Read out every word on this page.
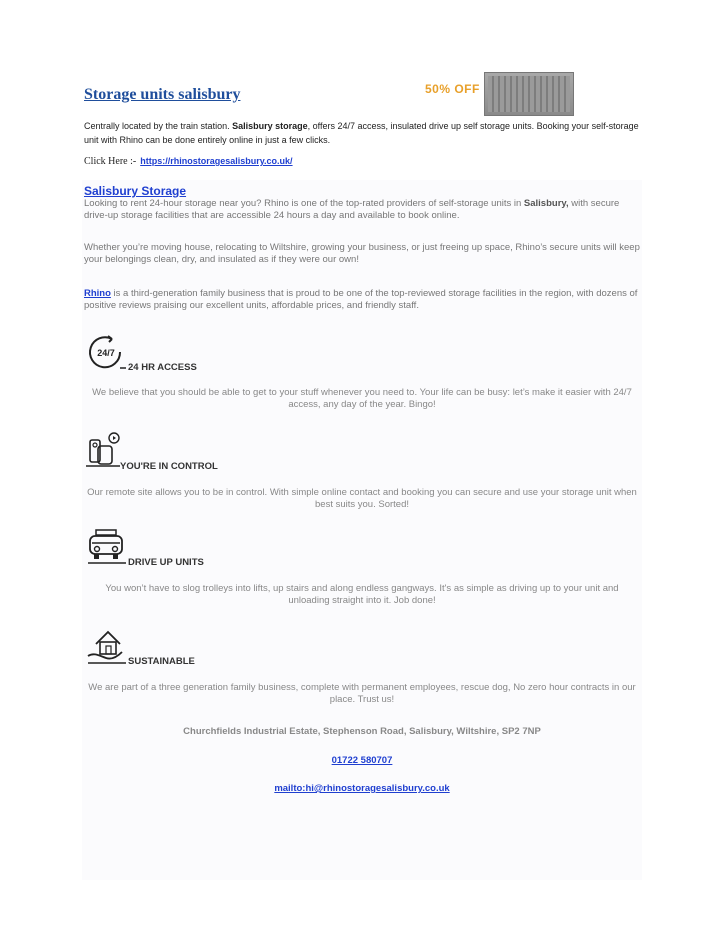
Storage units salisbury	50% OFF
Centrally located by the train station. Salisbury storage, offers 24/7 access, insulated drive up self storage units. Booking your self-storage unit with Rhino can be done entirely online in just a few clicks.
Click Here :- https://rhinostoragesalisbury.co.uk/
Salisbury Storage
Looking to rent 24-hour storage near you? Rhino is one of the top-rated providers of self-storage units in Salisbury, with secure drive-up storage facilities that are accessible 24 hours a day and available to book online.
Whether you’re moving house, relocating to Wiltshire, growing your business, or just freeing up space, Rhino’s secure units will keep your belongings clean, dry, and insulated as if they were our own!
Rhino is a third-generation family business that is proud to be one of the top-reviewed storage facilities in the region, with dozens of positive reviews praising our excellent units, affordable prices, and friendly staff.
24/7
24 HR ACCESS
We believe that you should be able to get to your stuff whenever you need to. Your life can be busy: let’s make it easier with 24/7 access, any day of the year. Bingo!
YOU'RE IN CONTROL
Our remote site allows you to be in control. With simple online contact and booking you can secure and use your storage unit when best suits you. Sorted!
DRIVE UP UNITS
You won’t have to slog trolleys into lifts, up stairs and along endless gangways. It's as simple as driving up to your unit and unloading straight into it. Job done!
SUSTAINABLE
We are part of a three generation family business, complete with permanent employees, rescue dog, No zero hour contracts in our place. Trust us!
Churchfields Industrial Estate, Stephenson Road, Salisbury, Wiltshire, SP2 7NP
01722 580707
mailto:hi@rhinostoragesalisbury.co.uk
